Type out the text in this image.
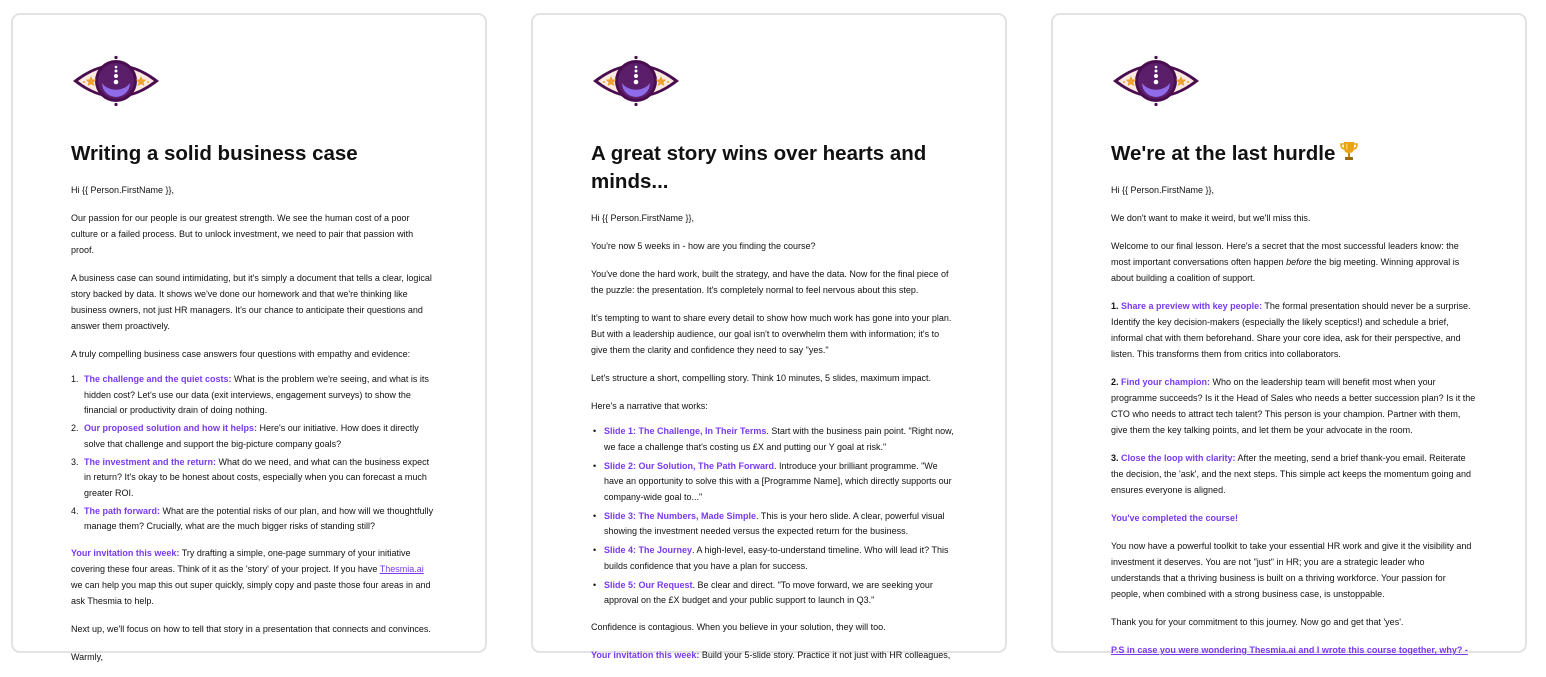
Writing a solid business case

Hi {{ Person.FirstName }},

Our passion for our people is our greatest strength. We see the human cost of a poor culture or a failed process. But to unlock investment, we need to pair that passion with proof.

A business case can sound intimidating, but it's simply a document that tells a clear, logical story backed by data. It shows we've done our homework and that we're thinking like business owners, not just HR managers. It's our chance to anticipate their questions and answer them proactively.

A truly compelling business case answers four questions with empathy and evidence:

1. The challenge and the quiet costs: What is the problem we're seeing, and what is its hidden cost? Let's use our data (exit interviews, engagement surveys) to show the financial or productivity drain of doing nothing.
2. Our proposed solution and how it helps: Here's our initiative. How does it directly solve that challenge and support the big-picture company goals?
3. The investment and the return: What do we need, and what can the business expect in return? It's okay to be honest about costs, especially when you can forecast a much greater ROI.
4. The path forward: What are the potential risks of our plan, and how will we thoughtfully manage them? Crucially, what are the much bigger risks of standing still?

Your invitation this week: Try drafting a simple, one-page summary of your initiative covering these four areas. Think of it as the 'story' of your project. If you have Thesmia.ai we can help you map this out super quickly, simply copy and paste those four areas in and ask Thesmia to help.

Next up, we'll focus on how to tell that story in a presentation that connects and convinces.

Warmly,

A great story wins over hearts and minds...

Hi {{ Person.FirstName }},

You're now 5 weeks in - how are you finding the course?

You've done the hard work, built the strategy, and have the data. Now for the final piece of the puzzle: the presentation. It's completely normal to feel nervous about this step.

It's tempting to want to share every detail to show how much work has gone into your plan. But with a leadership audience, our goal isn't to overwhelm them with information; it's to give them the clarity and confidence they need to say "yes."

Let's structure a short, compelling story. Think 10 minutes, 5 slides, maximum impact.

Here's a narrative that works:

• Slide 1: The Challenge, In Their Terms. Start with the business pain point. "Right now, we face a challenge that's costing us £X and putting our Y goal at risk."
• Slide 2: Our Solution, The Path Forward. Introduce your brilliant programme. "We have an opportunity to solve this with a [Programme Name], which directly supports our company-wide goal to..."
• Slide 3: The Numbers, Made Simple. This is your hero slide. A clear, powerful visual showing the investment needed versus the expected return for the business.
• Slide 4: The Journey. A high-level, easy-to-understand timeline. Who will lead it? This builds confidence that you have a plan for success.
• Slide 5: Our Request. Be clear and direct. "To move forward, we are seeking your approval on the £X budget and your public support to launch in Q3."

Confidence is contagious. When you believe in your solution, they will too.

Your invitation this week: Build your 5-slide story. Practice it not just with HR colleagues,

We're at the last hurdle

Hi {{ Person.FirstName }},

We don't want to make it weird, but we'll miss this.

Welcome to our final lesson. Here's a secret that the most successful leaders know: the most important conversations often happen before the big meeting. Winning approval is about building a coalition of support.

1. Share a preview with key people: The formal presentation should never be a surprise. Identify the key decision-makers (especially the likely sceptics!) and schedule a brief, informal chat with them beforehand. Share your core idea, ask for their perspective, and listen. This transforms them from critics into collaborators.

2. Find your champion: Who on the leadership team will benefit most when your programme succeeds? Is it the Head of Sales who needs a better succession plan? Is it the CTO who needs to attract tech talent? This person is your champion. Partner with them, give them the key talking points, and let them be your advocate in the room.

3. Close the loop with clarity: After the meeting, send a brief thank-you email. Reiterate the decision, the 'ask', and the next steps. This simple act keeps the momentum going and ensures everyone is aligned.

You've completed the course!

You now have a powerful toolkit to take your essential HR work and give it the visibility and investment it deserves. You are not "just" in HR; you are a strategic leader who understands that a thriving business is built on a thriving workforce. Your passion for people, when combined with a strong business case, is unstoppable.

Thank you for your commitment to this journey. Now go and get that 'yes'.

P.S in case you were wondering Thesmia.ai and I wrote this course together, why? -
